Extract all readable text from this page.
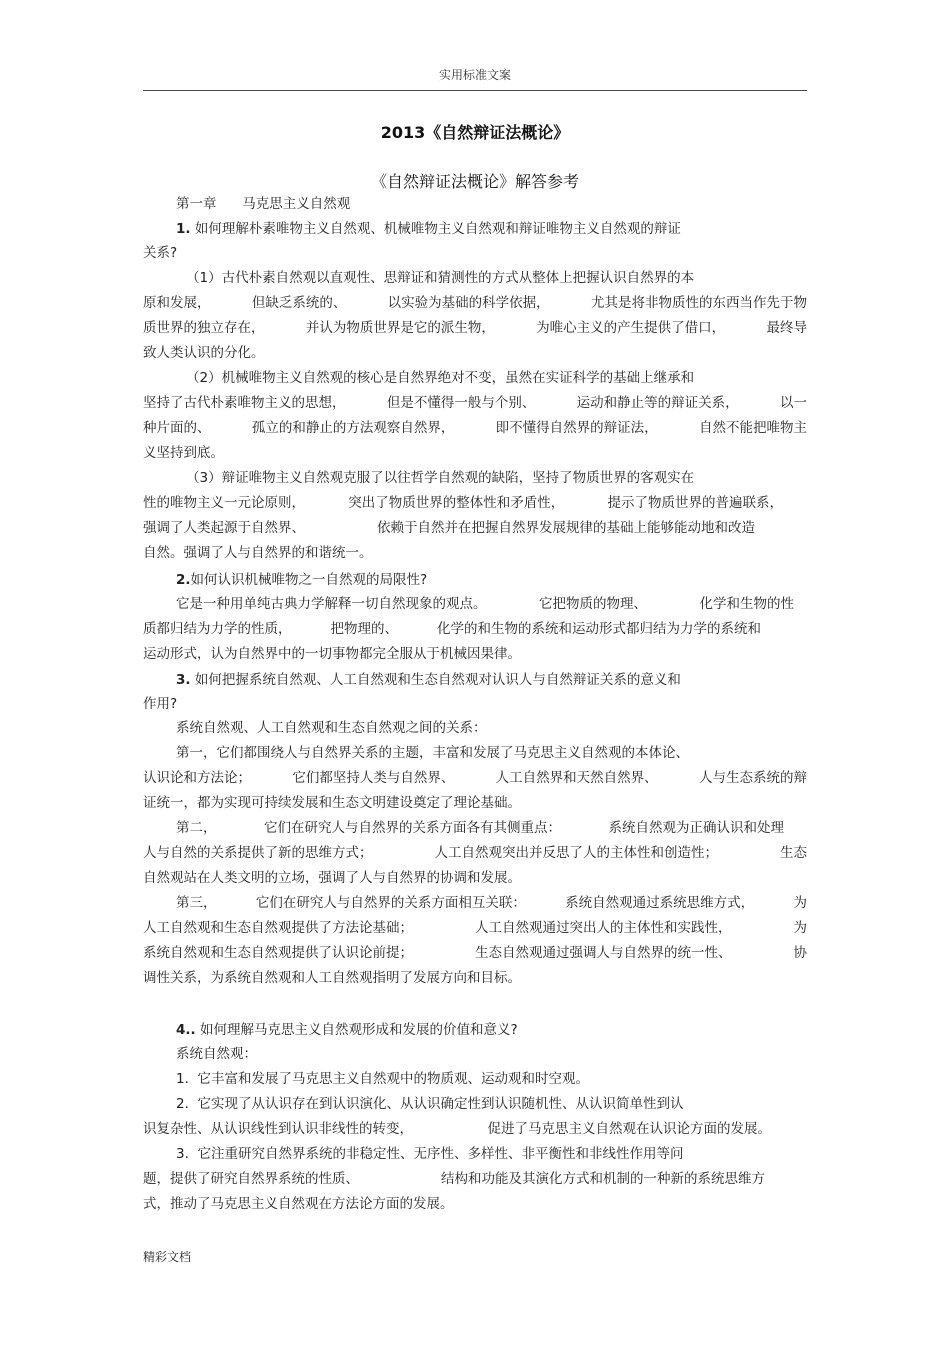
实用标准文案
2013《自然辩证法概论》
《自然辩证法概论》解答参考
第一章 马克思主义自然观
1. 如何理解朴素唯物主义自然观、机械唯物主义自然观和辩证唯物主义自然观的辩证
关系?
（1）古代朴素自然观以直观性、思辩证和猜测性的方式从整体上把握认识自然界的本
原和发展，	但缺乏系统的、	以实验为基础的科学依据，	尤其是将非物质性的东西当作先于物
质世界的独立存在，	并认为物质世界是它的派生物，	为唯心主义的产生提供了借口，	最终导
致人类认识的分化。
（2）机械唯物主义自然观的核心是自然界绝对不变，虽然在实证科学的基础上继承和
坚持了古代朴素唯物主义的思想，	但是不懂得一般与个别、	运动和静止等的辩证关系，	以一
种片面的、	孤立的和静止的方法观察自然界，	即不懂得自然界的辩证法，	自然不能把唯物主
义坚持到底。
（3）辩证唯物主义自然观克服了以往哲学自然观的缺陷，坚持了物质世界的客观实在
性的唯物主义一元论原则，	突出了物质世界的整体性和矛盾性，	提示了物质世界的普遍联系，
强调了人类起源于自然界、	依赖于自然并在把握自然界发展规律的基础上能够能动地和改造
自然。强调了人与自然界的和谐统一。
2.如何认识机械唯物之一自然观的局限性?
它是一种用单纯古典力学解释一切自然现象的观点。	它把物质的物理、	化学和生物的性
质都归结为力学的性质，	把物理的、	化学的和生物的系统和运动形式都归结为力学的系统和
运动形式，认为自然界中的一切事物都完全服从于机械因果律。
3. 如何把握系统自然观、人工自然观和生态自然观对认识人与自然辩证关系的意义和
作用?
系统自然观、人工自然观和生态自然观之间的关系：
第一，它们都围绕人与自然界关系的主题，丰富和发展了马克思主义自然观的本体论、
认识论和方法论；	它们都坚持人类与自然界、	人工自然界和天然自然界、	人与生态系统的辩
证统一，都为实现可持续发展和生态文明建设奠定了理论基础。
第二，	它们在研究人与自然界的关系方面各有其侧重点：	系统自然观为正确认识和处理
人与自然的关系提供了新的思维方式；	人工自然观突出并反思了人的主体性和创造性；	生态
自然观站在人类文明的立场，强调了人与自然界的协调和发展。
第三，	它们在研究人与自然界的关系方面相互关联：	系统自然观通过系统思维方式，	为
人工自然观和生态自然观提供了方法论基础；	人工自然观通过突出人的主体性和实践性，	为
系统自然观和生态自然观提供了认识论前提；	生态自然观通过强调人与自然界的统一性、	协
调性关系，为系统自然观和人工自然观指明了发展方向和目标。
4.. 如何理解马克思主义自然观形成和发展的价值和意义?
系统自然观：
1.  它丰富和发展了马克思主义自然观中的物质观、运动观和时空观。
2.  它实现了从认识存在到认识演化、从认识确定性到认识随机性、从认识简单性到认
识复杂性、从认识线性到认识非线性的转变，	促进了马克思主义自然观在认识论方面的发展。
3.  它注重研究自然界系统的非稳定性、无序性、多样性、非平衡性和非线性作用等问
题，提供了研究自然界系统的性质、	结构和功能及其演化方式和机制的一种新的系统思维方
式，推动了马克思主义自然观在方法论方面的发展。
精彩文档
